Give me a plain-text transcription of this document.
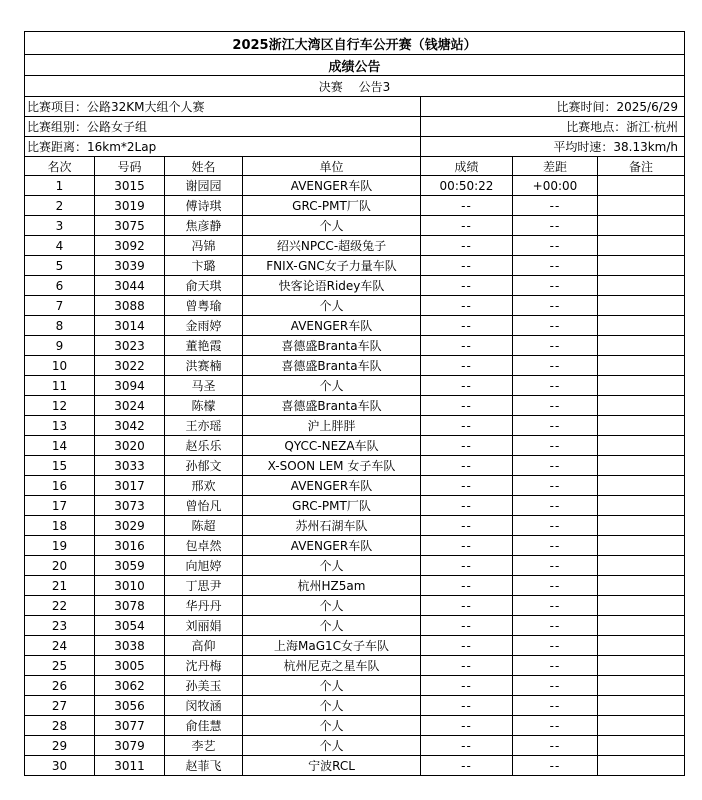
2025浙江大湾区自行车公开赛（钱塘站）						
成绩公告						
决赛　 公告3						
比赛项目：公路32KM大组个人赛				比赛时间：2025/6/29		
比赛组别：公路女子组				比赛地点：浙江·杭州		
比赛距离：16km*2Lap				平均时速：38.13km/h		
名次	号码	姓名	单位	成绩	差距	备注
1	3015	谢园园	AVENGER车队	00:50:22	+00:00	
2	3019	傅诗琪	GRC-PMT厂队	--	--	
3	3075	焦彦静	个人	--	--	
4	3092	冯锦	绍兴NPCC-超级兔子	--	--	
5	3039	卞璐	FNIX-GNC女子力量车队	--	--	
6	3044	俞天琪	快客论语Ridey车队	--	--	
7	3088	曾粤瑜	个人	--	--	
8	3014	金雨婷	AVENGER车队	--	--	
9	3023	董艳霞	喜德盛Branta车队	--	--	
10	3022	洪赛楠	喜德盛Branta车队	--	--	
11	3094	马圣	个人	--	--	
12	3024	陈檬	喜德盛Branta车队	--	--	
13	3042	王亦瑶	沪上胖胖	--	--	
14	3020	赵乐乐	QYCC-NEZA车队	--	--	
15	3033	孙郁文	X-SOON LEM 女子车队	--	--	
16	3017	邢欢	AVENGER车队	--	--	
17	3073	曾怡凡	GRC-PMT厂队	--	--	
18	3029	陈超	苏州石湖车队	--	--	
19	3016	包卓然	AVENGER车队	--	--	
20	3059	向旭婷	个人	--	--	
21	3010	丁思尹	杭州HZ5am	--	--	
22	3078	华丹丹	个人	--	--	
23	3054	刘丽娟	个人	--	--	
24	3038	高仰	上海MaG1C女子车队	--	--	
25	3005	沈丹梅	杭州尼克之星车队	--	--	
26	3062	孙美玉	个人	--	--	
27	3056	闵牧涵	个人	--	--	
28	3077	俞佳慧	个人	--	--	
29	3079	李艺	个人	--	--	
30	3011	赵菲飞	宁波RCL	--	--	
